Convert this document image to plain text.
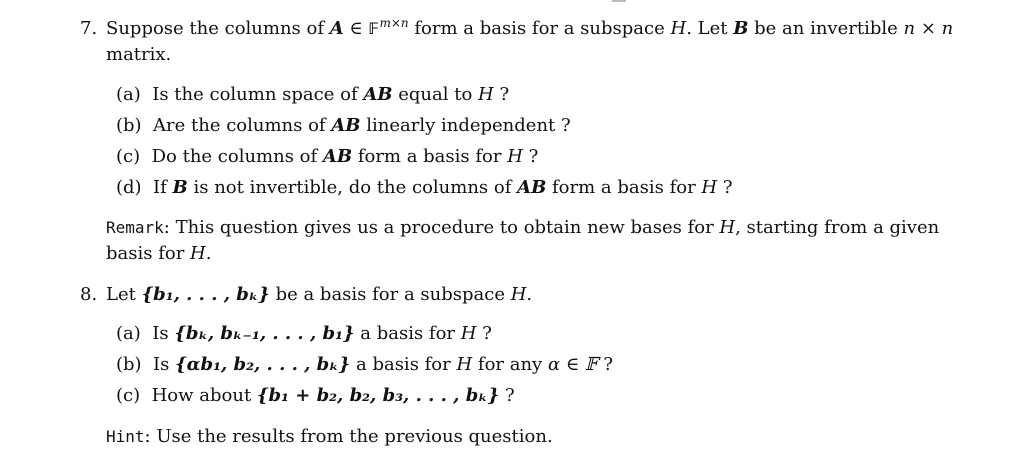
7. Suppose the columns of A ∈ 𝔽$^{m\times n}$ form a basis for a subspace H. Let B be an invertible n × n
matrix.
(a) Is the column space of AB equal to H ?
(b) Are the columns of AB linearly independent ?
(c) Do the columns of AB form a basis for H ?
(d) If B is not invertible, do the columns of AB form a basis for H ?
Remark: This question gives us a procedure to obtain new bases for H, starting from a given
basis for H.
8. Let {b₁, . . . , bₖ} be a basis for a subspace H.
(a) Is {bₖ, bₖ₋₁, . . . , b₁} a basis for H ?
(b) Is {αb₁, b₂, . . . , bₖ} a basis for H for any α ∈ 𝔽 ?
(c) How about {b₁ + b₂, b₂, b₃, . . . , bₖ} ?
Hint: Use the results from the previous question.
